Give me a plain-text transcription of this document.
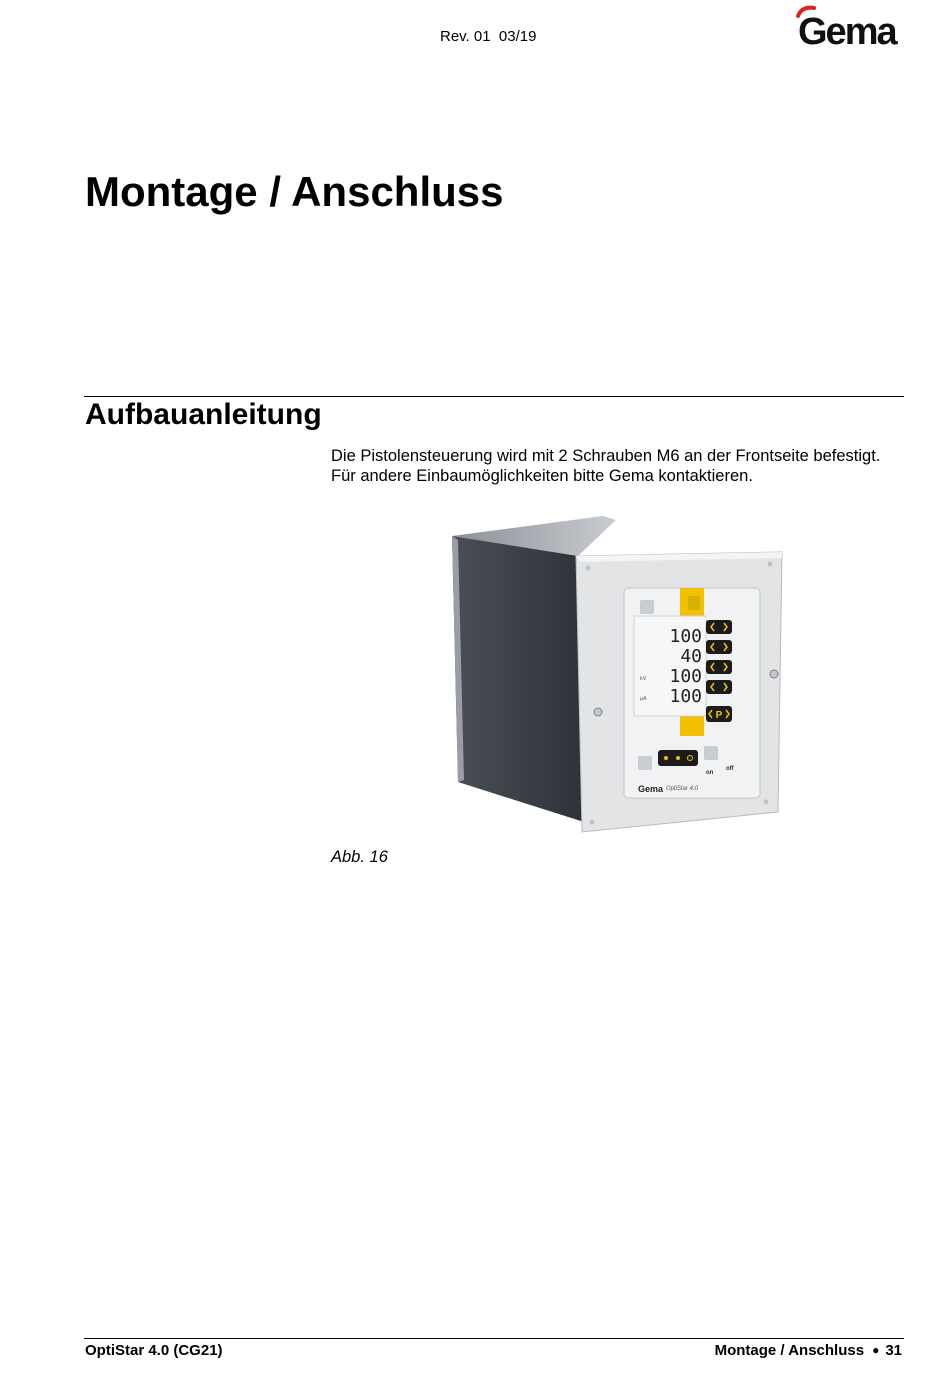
Rev. 01  03/19	Gema
Montage / Anschluss
Aufbauanleitung

Die Pistolensteuerung wird mit 2 Schrauben M6 an der Frontseite befestigt. Für andere Einbaumöglichkeiten bitte Gema kontaktieren.

100
40
100
100
kV
µA
P
on
off
Gema OptiStar 4.0
Abb. 16
OptiStar 4.0 (CG21)	Montage / Anschluss ● 31
